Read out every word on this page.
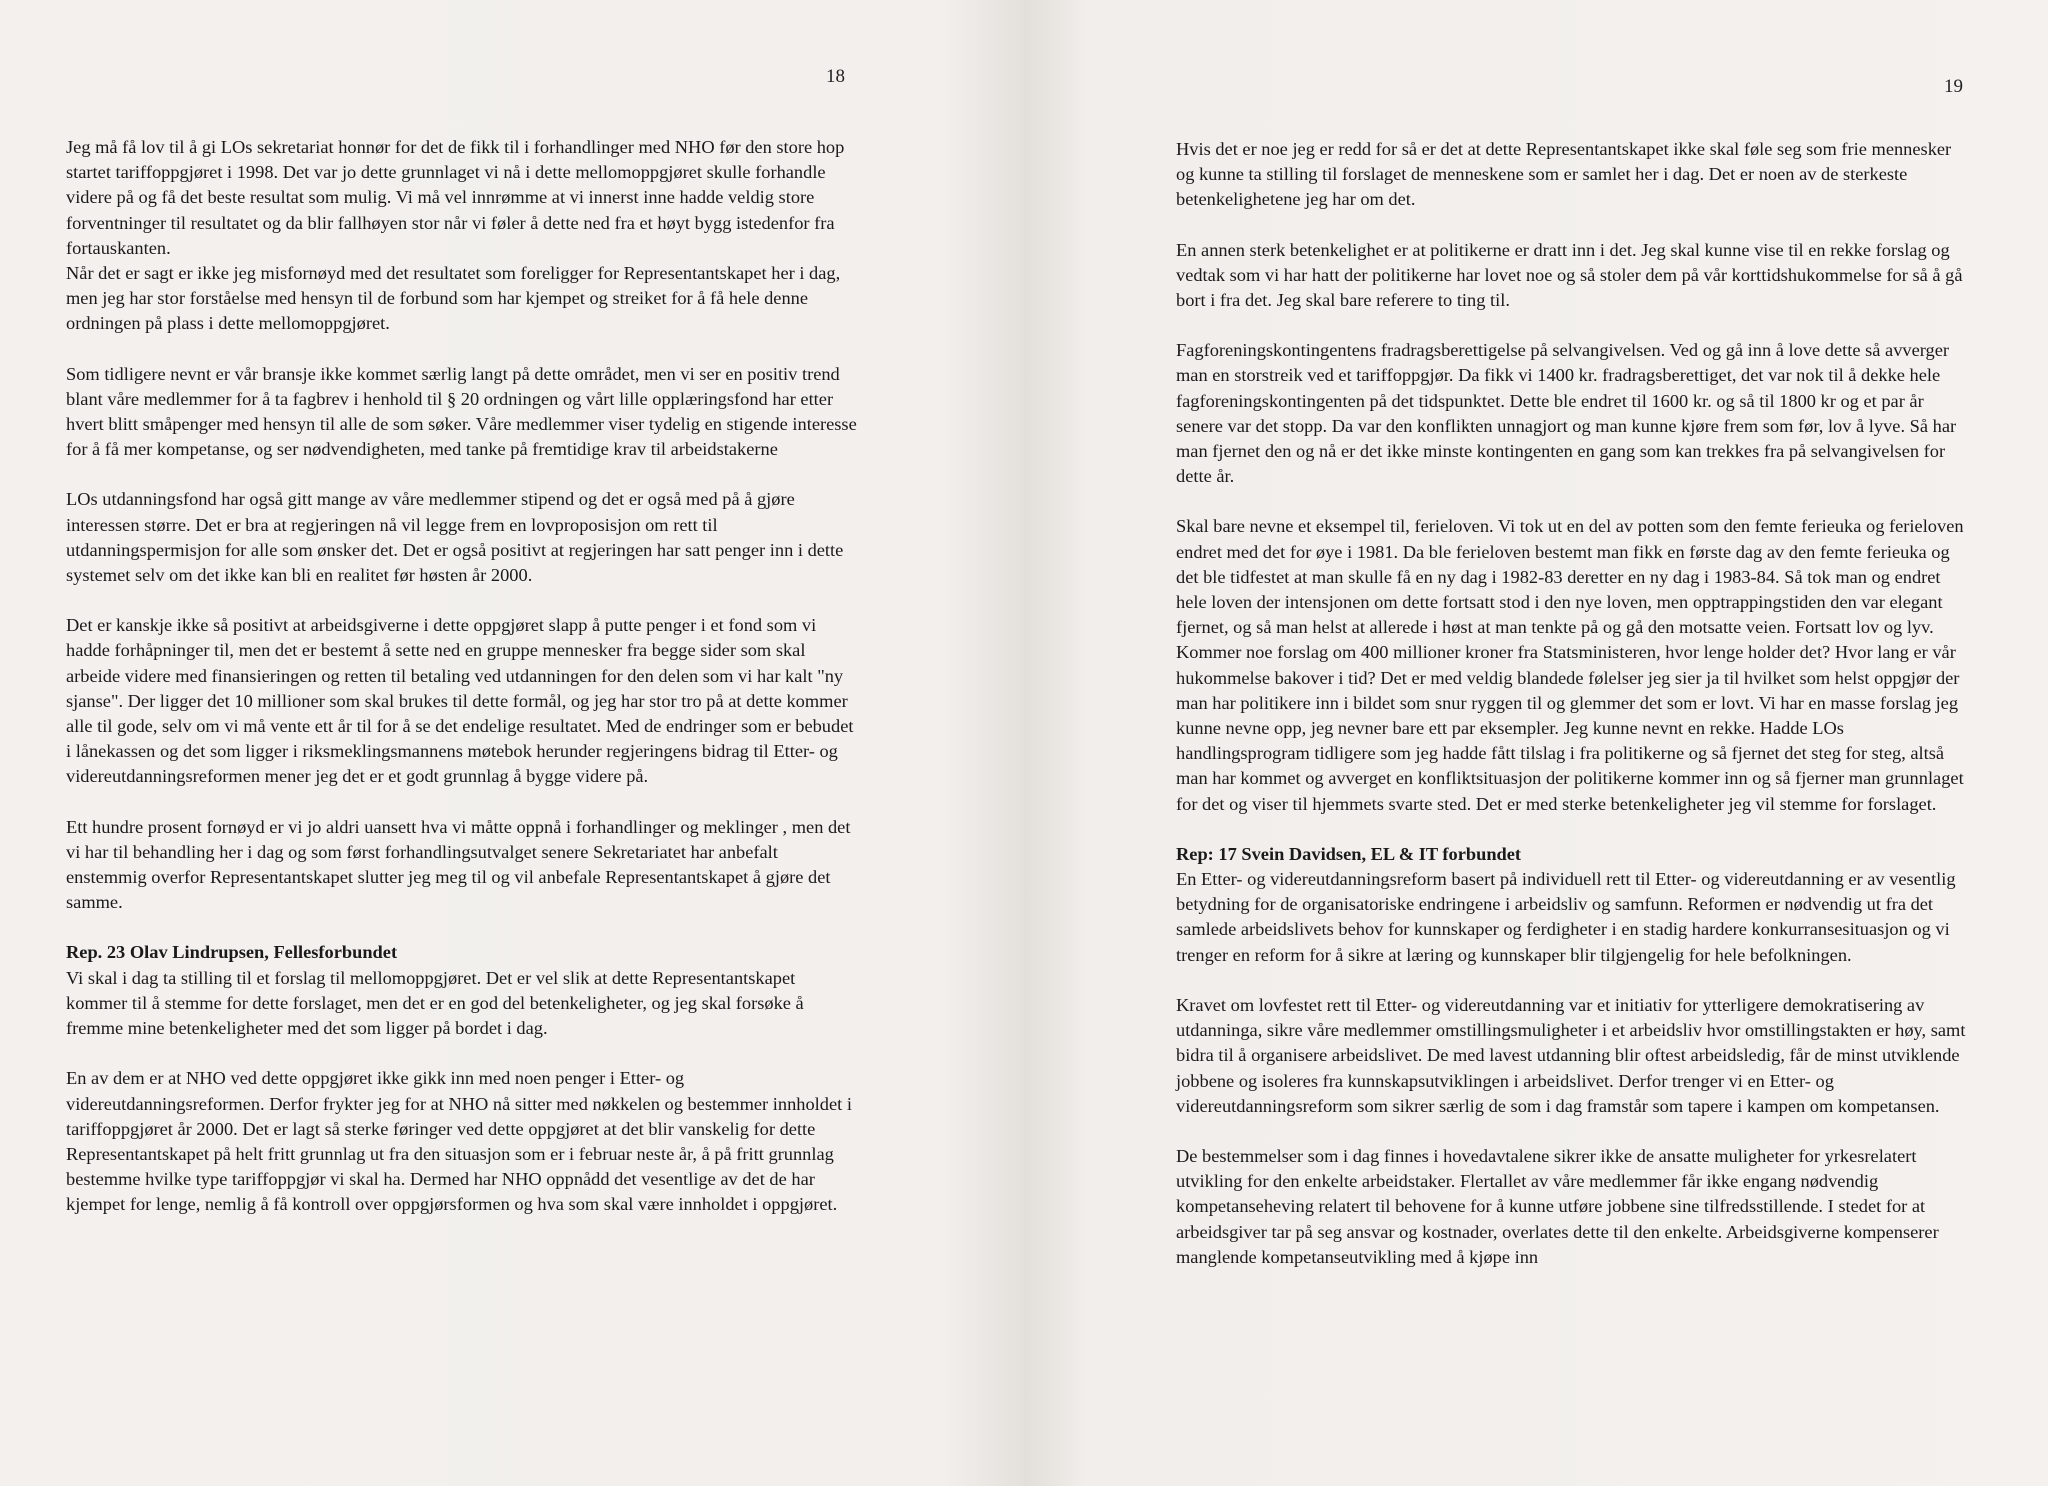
18

Jeg må få lov til å gi LOs sekretariat honnør for det de fikk til i forhandlinger med NHO før den store hop startet tariffoppgjøret i 1998. Det var jo dette grunnlaget vi nå i dette mellomoppgjøret skulle forhandle videre på og få det beste resultat som mulig. Vi må vel innrømme at vi innerst inne hadde veldig store forventninger til resultatet og da blir fallhøyen stor når vi føler å dette ned fra et høyt bygg istedenfor fra fortauskanten.

Når det er sagt er ikke jeg misfornøyd med det resultatet som foreligger for Representantskapet her i dag, men jeg har stor forståelse med hensyn til de forbund som har kjempet og streiket for å få hele denne ordningen på plass i dette mellomoppgjøret.

Som tidligere nevnt er vår bransje ikke kommet særlig langt på dette området, men vi ser en positiv trend blant våre medlemmer for å ta fagbrev i henhold til § 20 ordningen og vårt lille opplæringsfond har etter hvert blitt småpenger med hensyn til alle de som søker. Våre medlemmer viser tydelig en stigende interesse for å få mer kompetanse, og ser nødvendigheten, med tanke på fremtidige krav til arbeidstakerne

LOs utdanningsfond har også gitt mange av våre medlemmer stipend og det er også med på å gjøre interessen større. Det er bra at regjeringen nå vil legge frem en lovproposisjon om rett til utdanningspermisjon for alle som ønsker det. Det er også positivt at regjeringen har satt penger inn i dette systemet selv om det ikke kan bli en realitet før høsten år 2000.

Det er kanskje ikke så positivt at arbeidsgiverne i dette oppgjøret slapp å putte penger i et fond som vi hadde forhåpninger til, men det er bestemt å sette ned en gruppe mennesker fra begge sider som skal arbeide videre med finansieringen og retten til betaling ved utdanningen for den delen som vi har kalt "ny sjanse". Der ligger det 10 millioner som skal brukes til dette formål, og jeg har stor tro på at dette kommer alle til gode, selv om vi må vente ett år til for å se det endelige resultatet. Med de endringer som er bebudet i lånekassen og det som ligger i riksmeklingsmannens møtebok herunder regjeringens bidrag til Etter- og videreutdanningsreformen mener jeg det er et godt grunnlag å bygge videre på.

Ett hundre prosent fornøyd er vi jo aldri uansett hva vi måtte oppnå i forhandlinger og meklinger , men det vi har til behandling her i dag og som først forhandlingsutvalget senere Sekretariatet har anbefalt enstemmig overfor Representantskapet slutter jeg meg til og vil anbefale Representantskapet å gjøre det samme.

Rep. 23 Olav Lindrupsen, Fellesforbundet

Vi skal i dag ta stilling til et forslag til mellomoppgjøret. Det er vel slik at dette Representantskapet kommer til å stemme for dette forslaget, men det er en god del betenkeligheter, og jeg skal forsøke å fremme mine betenkeligheter med det som ligger på bordet i dag.

En av dem er at NHO ved dette oppgjøret ikke gikk inn med noen penger i Etter- og videreutdanningsreformen. Derfor frykter jeg for at NHO nå sitter med nøkkelen og bestemmer innholdet i tariffoppgjøret år 2000. Det er lagt så sterke føringer ved dette oppgjøret at det blir vanskelig for dette Representantskapet på helt fritt grunnlag ut fra den situasjon som er i februar neste år, å på fritt grunnlag bestemme hvilke type tariffoppgjør vi skal ha. Dermed har NHO oppnådd det vesentlige av det de har kjempet for lenge, nemlig å få kontroll over oppgjørsformen og hva som skal være innholdet i oppgjøret.

19

Hvis det er noe jeg er redd for så er det at dette Representantskapet ikke skal føle seg som frie mennesker og kunne ta stilling til forslaget de menneskene som er samlet her i dag. Det er noen av de sterkeste betenkelighetene jeg har om det.

En annen sterk betenkelighet er at politikerne er dratt inn i det. Jeg skal kunne vise til en rekke forslag og vedtak som vi har hatt der politikerne har lovet noe og så stoler dem på vår korttidshukommelse for så å gå bort i fra det. Jeg skal bare referere to ting til.

Fagforeningskontingentens fradragsberettigelse på selvangivelsen. Ved og gå inn å love dette så avverger man en storstreik ved et tariffoppgjør. Da fikk vi 1400 kr. fradragsberettiget, det var nok til å dekke hele fagforeningskontingenten på det tidspunktet. Dette ble endret til 1600 kr. og så til 1800 kr og et par år senere var det stopp. Da var den konflikten unnagjort og man kunne kjøre frem som før, lov å lyve. Så har man fjernet den og nå er det ikke minste kontingenten en gang som kan trekkes fra på selvangivelsen for dette år.

Skal bare nevne et eksempel til, ferieloven. Vi tok ut en del av potten som den femte ferieuka og ferieloven endret med det for øye i 1981. Da ble ferieloven bestemt man fikk en første dag av den femte ferieuka og det ble tidfestet at man skulle få en ny dag i 1982-83 deretter en ny dag i 1983-84. Så tok man og endret hele loven der intensjonen om dette fortsatt stod i den nye loven, men opptrappingstiden den var elegant fjernet, og så man helst at allerede i høst at man tenkte på og gå den motsatte veien. Fortsatt lov og lyv. Kommer noe forslag om 400 millioner kroner fra Statsministeren, hvor lenge holder det? Hvor lang er vår hukommelse bakover i tid? Det er med veldig blandede følelser jeg sier ja til hvilket som helst oppgjør der man har politikere inn i bildet som snur ryggen til og glemmer det som er lovt. Vi har en masse forslag jeg kunne nevne opp, jeg nevner bare ett par eksempler. Jeg kunne nevnt en rekke. Hadde LOs handlingsprogram tidligere som jeg hadde fått tilslag i fra politikerne og så fjernet det steg for steg, altså man har kommet og avverget en konfliktsituasjon der politikerne kommer inn og så fjerner man grunnlaget for det og viser til hjemmets svarte sted. Det er med sterke betenkeligheter jeg vil stemme for forslaget.

Rep: 17 Svein Davidsen, EL & IT forbundet

En Etter- og videreutdanningsreform basert på individuell rett til Etter- og videreutdanning er av vesentlig betydning for de organisatoriske endringene i arbeidsliv og samfunn. Reformen er nødvendig ut fra det samlede arbeidslivets behov for kunnskaper og ferdigheter i en stadig hardere konkurransesituasjon og vi trenger en reform for å sikre at læring og kunnskaper blir tilgjengelig for hele befolkningen.

Kravet om lovfestet rett til Etter- og videreutdanning var et initiativ for ytterligere demokratisering av utdanninga, sikre våre medlemmer omstillingsmuligheter i et arbeidsliv hvor omstillingstakten er høy, samt bidra til å organisere arbeidslivet. De med lavest utdanning blir oftest arbeidsledig, får de minst utviklende jobbene og isoleres fra kunnskapsutviklingen i arbeidslivet. Derfor trenger vi en Etter- og videreutdanningsreform som sikrer særlig de som i dag framstår som tapere i kampen om kompetansen.

De bestemmelser som i dag finnes i hovedavtalene sikrer ikke de ansatte muligheter for yrkesrelatert utvikling for den enkelte arbeidstaker. Flertallet av våre medlemmer får ikke engang nødvendig kompetanseheving relatert til behovene for å kunne utføre jobbene sine tilfredsstillende. I stedet for at arbeidsgiver tar på seg ansvar og kostnader, overlates dette til den enkelte. Arbeidsgiverne kompenserer manglende kompetanseutvikling med å kjøpe inn
